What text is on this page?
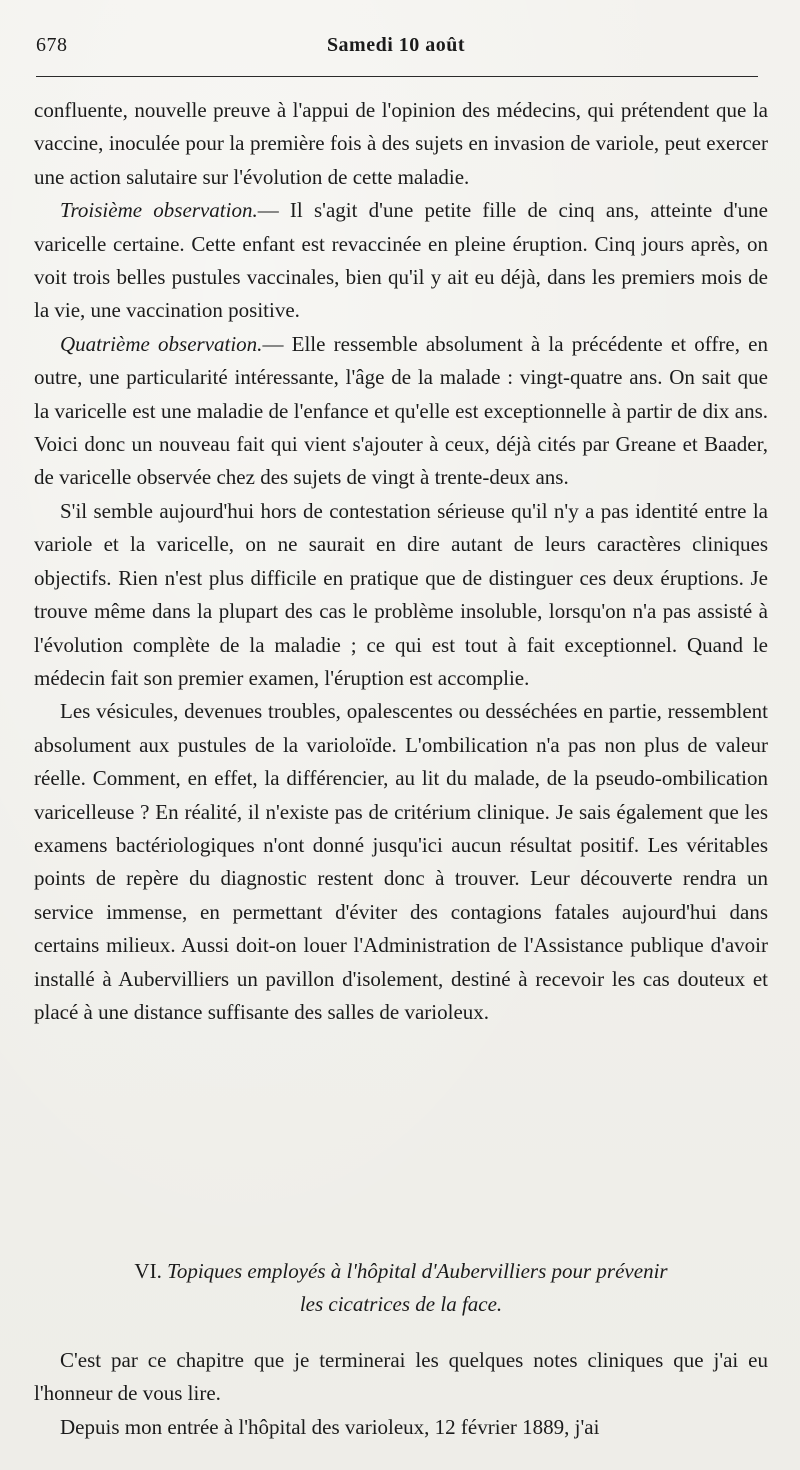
678	Samedi 10 août

confluente, nouvelle preuve à l'appui de l'opinion des médecins, qui prétendent que la vaccine, inoculée pour la première fois à des sujets en invasion de variole, peut exercer une action salutaire sur l'évolution de cette maladie.

Troisième observation.— Il s'agit d'une petite fille de cinq ans, atteinte d'une varicelle certaine. Cette enfant est revaccinée en pleine éruption. Cinq jours après, on voit trois belles pustules vaccinales, bien qu'il y ait eu déjà, dans les premiers mois de la vie, une vaccination positive.

Quatrième observation.— Elle ressemble absolument à la précédente et offre, en outre, une particularité intéressante, l'âge de la malade : vingt-quatre ans. On sait que la varicelle est une maladie de l'enfance et qu'elle est exceptionnelle à partir de dix ans. Voici donc un nouveau fait qui vient s'ajouter à ceux, déjà cités par Greane et Baader, de varicelle observée chez des sujets de vingt à trente-deux ans.

S'il semble aujourd'hui hors de contestation sérieuse qu'il n'y a pas identité entre la variole et la varicelle, on ne saurait en dire autant de leurs caractères cliniques objectifs. Rien n'est plus difficile en pratique que de distinguer ces deux éruptions. Je trouve même dans la plupart des cas le problème insoluble, lorsqu'on n'a pas assisté à l'évolution complète de la maladie ; ce qui est tout à fait exceptionnel. Quand le médecin fait son premier examen, l'éruption est accomplie.

Les vésicules, devenues troubles, opalescentes ou desséchées en partie, ressemblent absolument aux pustules de la varioloïde. L'ombilication n'a pas non plus de valeur réelle. Comment, en effet, la différencier, au lit du malade, de la pseudo-ombilication varicelleuse ? En réalité, il n'existe pas de critérium clinique. Je sais également que les examens bactériologiques n'ont donné jusqu'ici aucun résultat positif. Les véritables points de repère du diagnostic restent donc à trouver. Leur découverte rendra un service immense, en permettant d'éviter des contagions fatales aujourd'hui dans certains milieux. Aussi doit-on louer l'Administration de l'Assistance publique d'avoir installé à Aubervilliers un pavillon d'isolement, destiné à recevoir les cas douteux et placé à une distance suffisante des salles de varioleux.

VI. Topiques employés à l'hôpital d'Aubervilliers pour prévenir
les cicatrices de la face.

C'est par ce chapitre que je terminerai les quelques notes cliniques que j'ai eu l'honneur de vous lire.

Depuis mon entrée à l'hôpital des varioleux, 12 février 1889, j'ai
